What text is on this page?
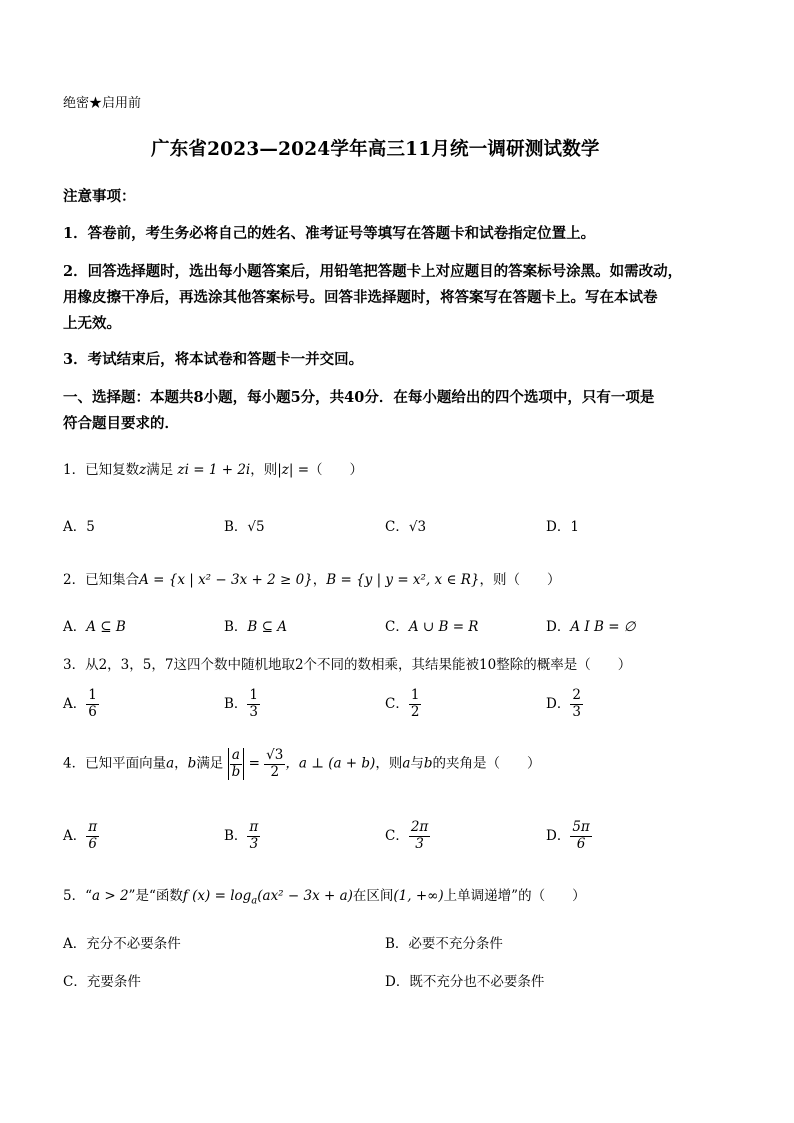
绝密★启用前
广东省2023—2024学年高三11月统一调研测试数学
注意事项：
1．答卷前，考生务必将自己的姓名、准考证号等填写在答题卡和试卷指定位置上。
2．回答选择题时，选出每小题答案后，用铅笔把答题卡上对应题目的答案标号涂黑。如需改动，
用橡皮擦干净后，再选涂其他答案标号。回答非选择题时，将答案写在答题卡上。写在本试卷
上无效。
3．考试结束后，将本试卷和答题卡一并交回。
一、选择题：本题共8小题，每小题5分，共40分．在每小题给出的四个选项中，只有一项是
符合题目要求的．
1．已知复数z满足 zi = 1 + 2i，则|z| =（　　）
A．5	B．√5	C．√3	D．1
2．已知集合A = {x | x² − 3x + 2 ≥ 0}，B = {y | y = x², x ∈ R}，则（　　）
A．A ⊆ B	B．B ⊆ A	C．A ∪ B = R	D．A I B = ∅
3．从2，3，5，7这四个数中随机地取2个不同的数相乘，其结果能被10整除的概率是（　　）
A． $\frac{1}{6}$	B． $\frac{1}{3}$	C． $\frac{1}{2}$	D． $\frac{2}{3}$
4．已知平面向量a，b满足 $\frac{a}{b} = \frac{√3}{2}$ ，a ⊥ (a + b)，则a与b的夹角是（　　）
A． $\frac{\pi}{6}$	B． $\frac{\pi}{3}$	C． $\frac{2\pi}{3}$	D． $\frac{5\pi}{6}$
5．“a > 2”是“函数f $(x) = \log_a(ax^2 - 3x + a)$在区间(1, +∞)上单调递增”的（　　）
A．充分不必要条件	B．必要不充分条件
C．充要条件	D．既不充分也不必要条件
